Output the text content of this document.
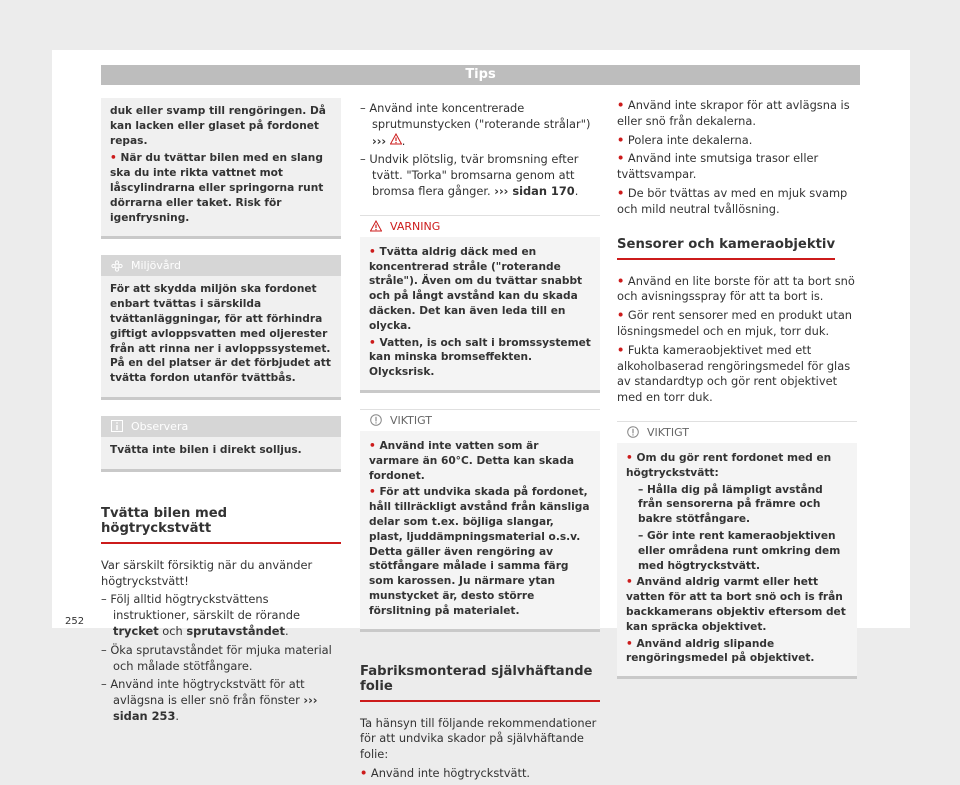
Tips

duk eller svamp till rengöringen. Då kan lacken eller glaset på fordonet repas.

• När du tvättar bilen med en slang ska du inte rikta vattnet mot låscylindrarna eller springorna runt dörrarna eller taket. Risk för igenfrysning.

Miljövård

För att skydda miljön ska fordonet enbart tvättas i särskilda tvättanläggningar, för att förhindra giftigt avloppsvatten med oljerester från att rinna ner i avloppssystemet. På en del platser är det förbjudet att tvätta fordon utanför tvättbås.

Observera

Tvätta inte bilen i direkt solljus.

Tvätta bilen med högtryckstvätt

Var särskilt försiktig när du använder högtryckstvätt!

– Följ alltid högtryckstvättens instruktioner, särskilt de rörande trycket och sprutavståndet.
– Öka sprutavståndet för mjuka material och målade stötfångare.
– Använd inte högtryckstvätt för att avlägsna is eller snö från fönster ››› sidan 253.
– Använd inte koncentrerade sprutmunstycken ("roterande strålar") ››› .
– Undvik plötslig, tvär bromsning efter tvätt. "Torka" bromsarna genom att bromsa flera gånger. ››› sidan 170.
VARNING
• Tvätta aldrig däck med en koncentrerad stråle ("roterande stråle"). Även om du tvättar snabbt och på långt avstånd kan du skada däcken. Det kan även leda till en olycka.
• Vatten, is och salt i bromssystemet kan minska bromseffekten. Olycksrisk.
VIKTIGT
• Använd inte vatten som är varmare än 60°C. Detta kan skada fordonet.
• För att undvika skada på fordonet, håll tillräckligt avstånd från känsliga delar som t.ex. böjliga slangar, plast, ljuddämpningsmaterial o.s.v. Detta gäller även rengöring av stötfångare målade i samma färg som karossen. Ju närmare ytan munstycket är, desto större förslitning på materialet.
Fabriksmonterad självhäftande folie

Ta hänsyn till följande rekommendationer för att undvika skador på självhäftande folie:

• Använd inte högtryckstvätt.

• Använd inte skrapor för att avlägsna is eller snö från dekalerna.

• Polera inte dekalerna.

• Använd inte smutsiga trasor eller tvättsvampar.

• De bör tvättas av med en mjuk svamp och mild neutral tvållösning.

Sensorer och kameraobjektiv

• Använd en lite borste för att ta bort snö och avisningsspray för att ta bort is.

• Gör rent sensorer med en produkt utan lösningsmedel och en mjuk, torr duk.

• Fukta kameraobjektivet med ett alkoholbaserad rengöringsmedel för glas av standardtyp och gör rent objektivet med en torr duk.

VIKTIGT
• Om du gör rent fordonet med en högtryckstvätt:
– Hålla dig på lämpligt avstånd från sensorerna på främre och bakre stötfångare.
– Gör inte rent kameraobjektiven eller områdena runt omkring dem med högtryckstvätt.
• Använd aldrig varmt eller hett vatten för att ta bort snö och is från backkamerans objektiv eftersom det kan spräcka objektivet.
• Använd aldrig slipande rengöringsmedel på objektivet.
252
